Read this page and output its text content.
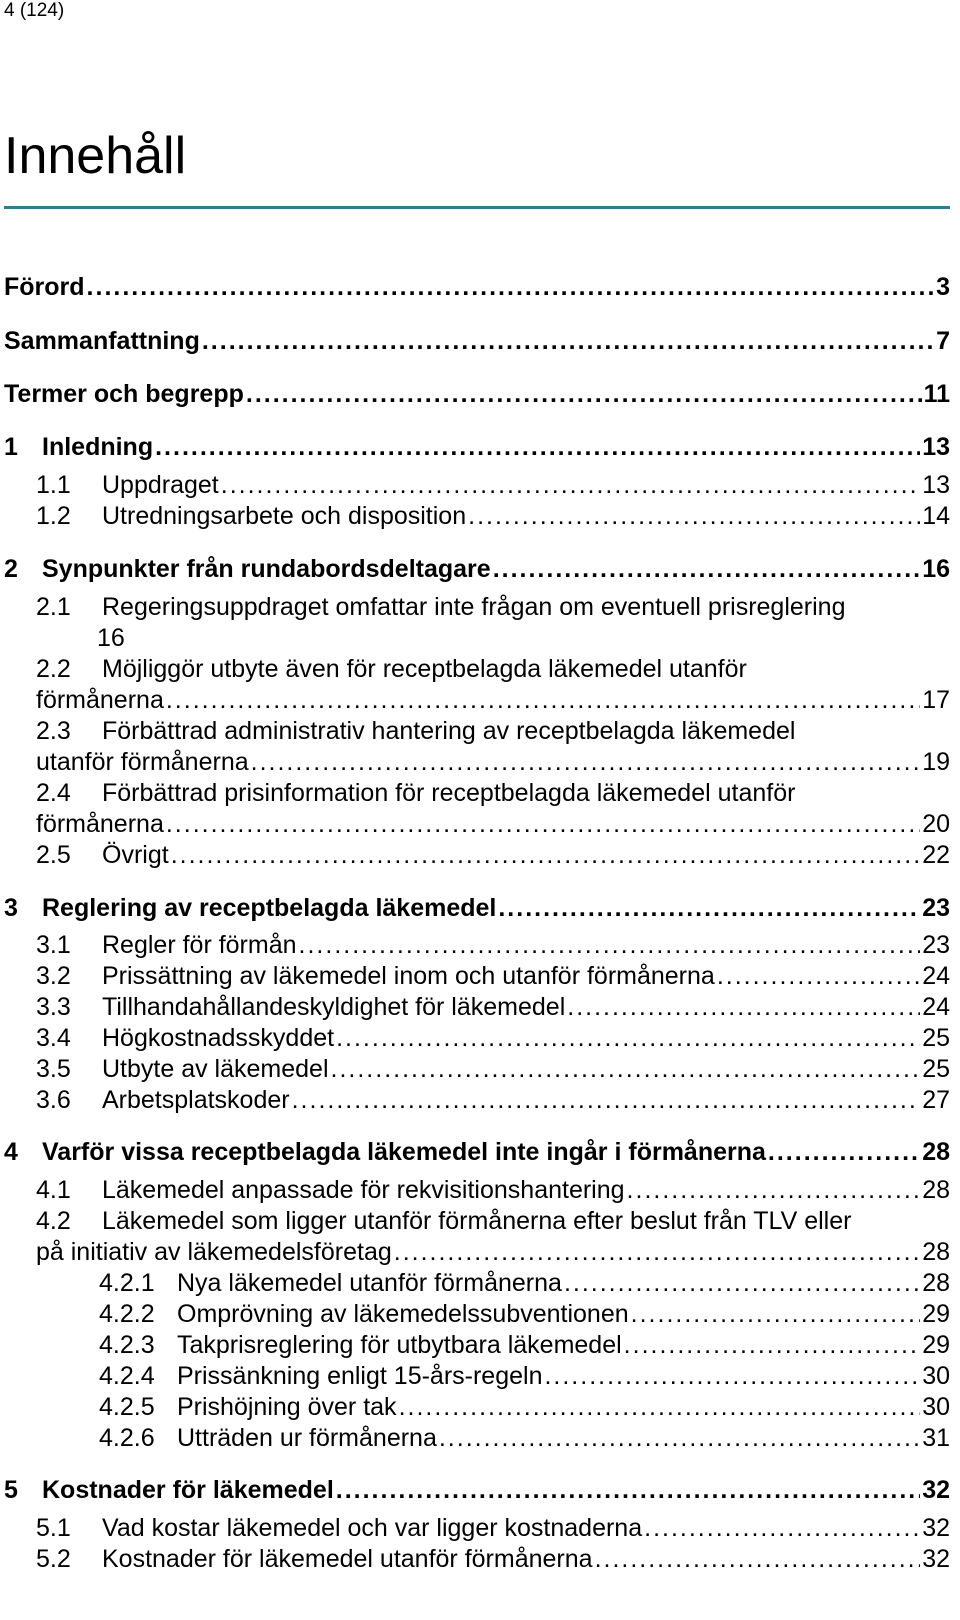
4 (124)
Innehåll
Förord .....	3
Sammanfattning .....	7
Termer och begrepp .....	11
1 Inledning .....	13
1.1	Uppdraget .....	13
1.2	Utredningsarbete och disposition .....	14
2 Synpunkter från rundabordsdeltagare .....	16
2.1 Regeringsuppdraget omfattar inte frågan om eventuell prisreglering
16
2.2 Möjliggör utbyte även för receptbelagda läkemedel utanför
förmånerna .....	17
2.3 Förbättrad administrativ hantering av receptbelagda läkemedel
utanför förmånerna .....	19
2.4 Förbättrad prisinformation för receptbelagda läkemedel utanför
förmånerna .....	20
2.5	Övrigt .....	22
3 Reglering av receptbelagda läkemedel .....	23
3.1	Regler för förmån .....	23
3.2	Prissättning av läkemedel inom och utanför förmånerna .....	24
3.3	Tillhandahållandeskyldighet för läkemedel .....	24
3.4	Högkostnadsskyddet .....	25
3.5	Utbyte av läkemedel .....	25
3.6	Arbetsplatskoder .....	27
4 Varför vissa receptbelagda läkemedel inte ingår i förmånerna .....	28
4.1	Läkemedel anpassade för rekvisitionshantering .....	28
4.2 Läkemedel som ligger utanför förmånerna efter beslut från TLV eller
på initiativ av läkemedelsföretag .....	28
4.2.1 Nya läkemedel utanför förmånerna .....	28
4.2.2 Omprövning av läkemedelssubventionen .....	29
4.2.3 Takprisreglering för utbytbara läkemedel .....	29
4.2.4 Prissänkning enligt 15-års-regeln .....	30
4.2.5 Prishöjning över tak .....	30
4.2.6 Utträden ur förmånerna .....	31
5 Kostnader för läkemedel .....	32
5.1	Vad kostar läkemedel och var ligger kostnaderna .....	32
5.2	Kostnader för läkemedel utanför förmånerna .....	32
